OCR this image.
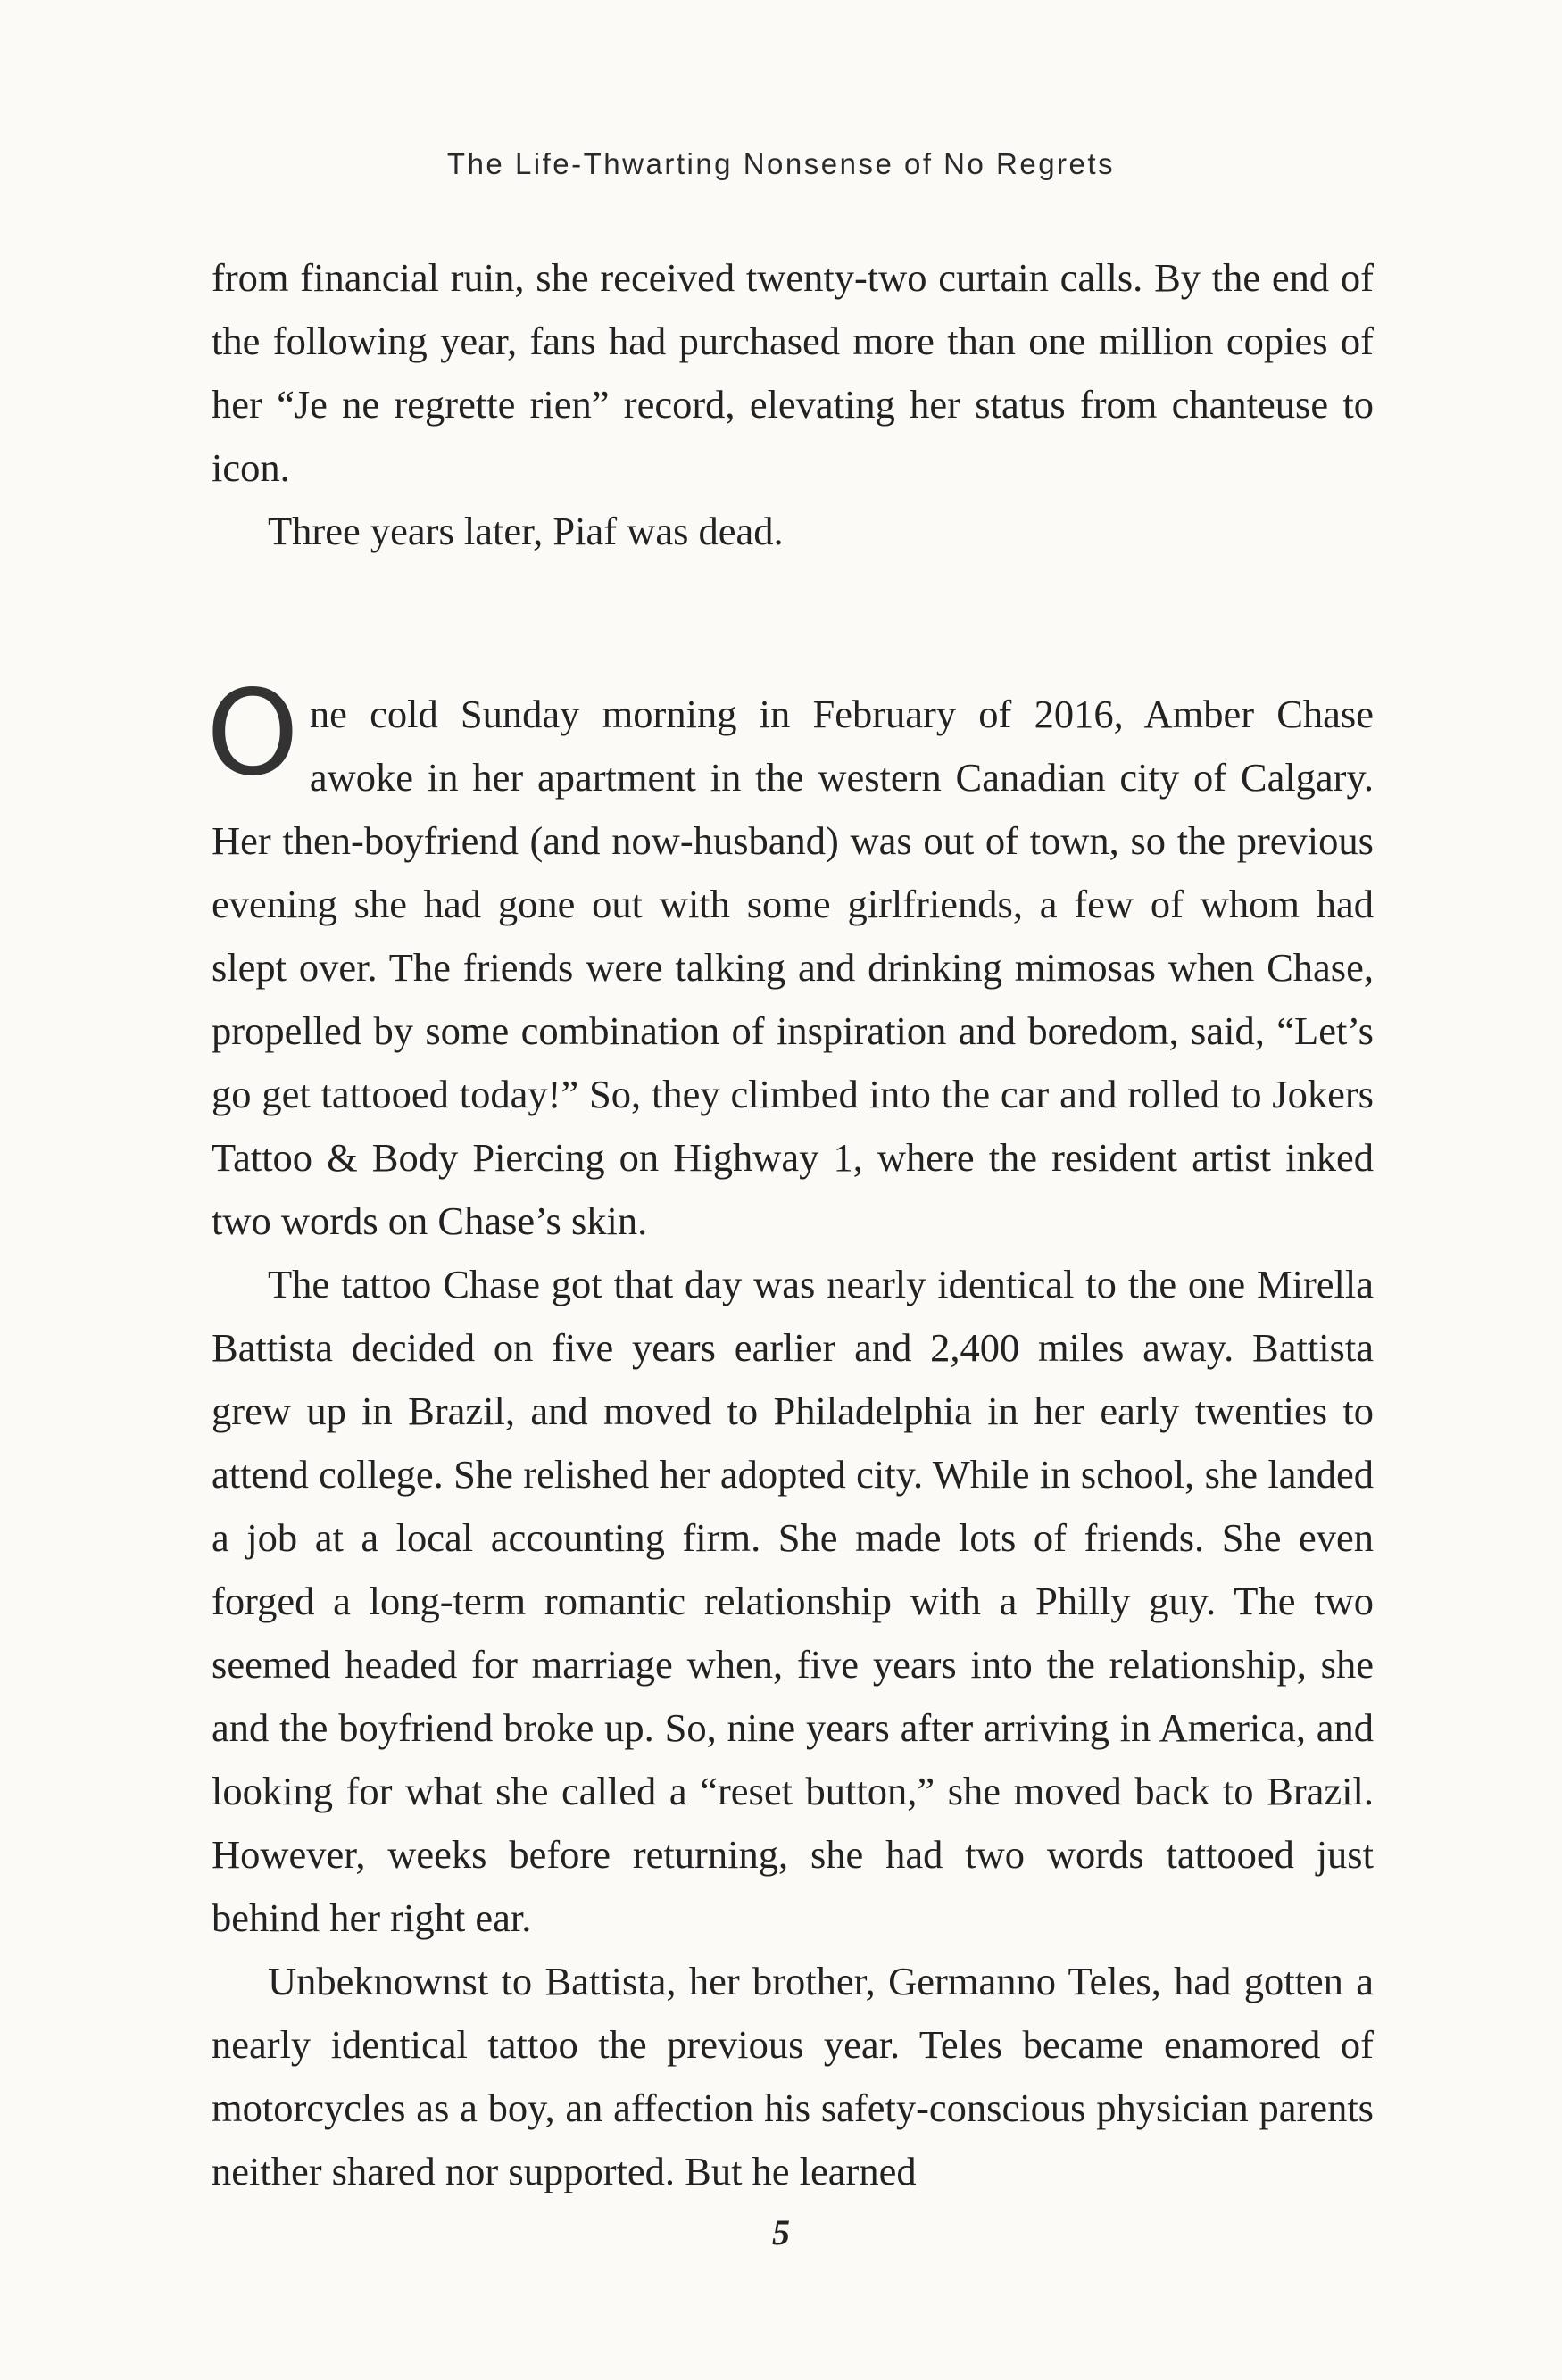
The Life-Thwarting Nonsense of No Regrets

from financial ruin, she received twenty-two curtain calls. By the end of the following year, fans had purchased more than one million copies of her “Je ne regrette rien” record, elevating her status from chanteuse to icon.

Three years later, Piaf was dead.

One cold Sunday morning in February of 2016, Amber Chase awoke in her apartment in the western Canadian city of Calgary. Her then-boyfriend (and now-husband) was out of town, so the previous evening she had gone out with some girlfriends, a few of whom had slept over. The friends were talking and drinking mimosas when Chase, propelled by some combination of inspiration and boredom, said, “Let’s go get tattooed today!” So, they climbed into the car and rolled to Jokers Tattoo & Body Piercing on Highway 1, where the resident artist inked two words on Chase’s skin.

The tattoo Chase got that day was nearly identical to the one Mirella Battista decided on five years earlier and 2,400 miles away. Battista grew up in Brazil, and moved to Philadelphia in her early twenties to attend college. She relished her adopted city. While in school, she landed a job at a local accounting firm. She made lots of friends. She even forged a long-term romantic relationship with a Philly guy. The two seemed headed for marriage when, five years into the relationship, she and the boyfriend broke up. So, nine years after arriving in America, and looking for what she called a “reset button,” she moved back to Brazil. However, weeks before returning, she had two words tattooed just behind her right ear.

Unbeknownst to Battista, her brother, Germanno Teles, had gotten a nearly identical tattoo the previous year. Teles became enamored of motorcycles as a boy, an affection his safety-conscious physician parents neither shared nor supported. But he learned

5
